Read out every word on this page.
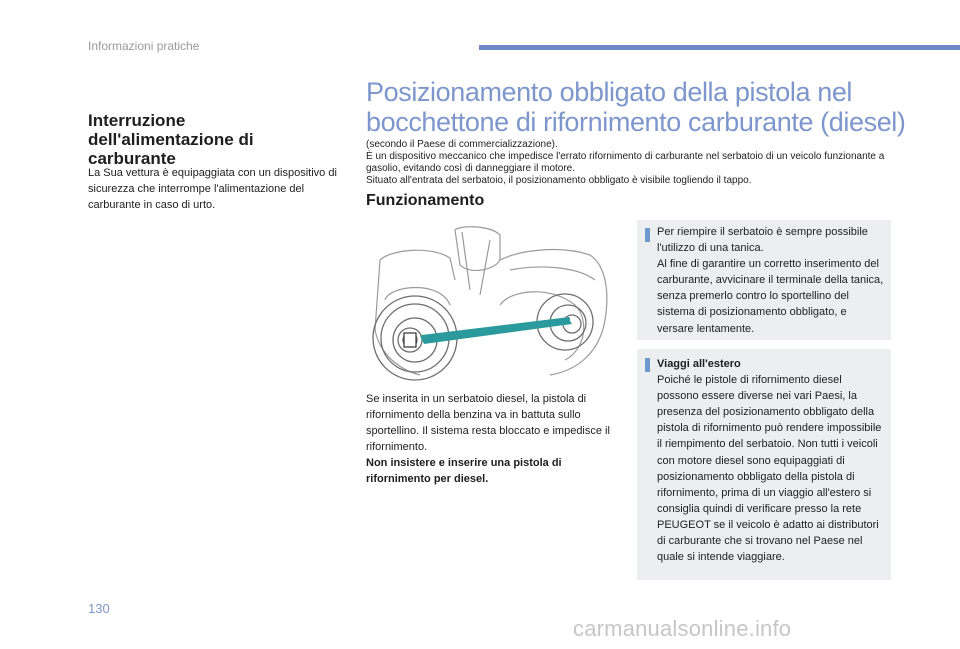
Informazioni pratiche
Interruzione dell'alimentazione di carburante
La Sua vettura è equipaggiata con un dispositivo di sicurezza che interrompe l'alimentazione del carburante in caso di urto.
Posizionamento obbligato della pistola nel bocchettone di rifornimento carburante (diesel)

(secondo il Paese di commercializzazione).

È un dispositivo meccanico che impedisce l'errato rifornimento di carburante nel serbatoio di un veicolo funzionante a gasolio, evitando così di danneggiare il motore.

Situato all'entrata del serbatoio, il posizionamento obbligato è visibile togliendo il tappo.

Funzionamento

Se inserita in un serbatoio diesel, la pistola di rifornimento della benzina va in battuta sullo sportellino. Il sistema resta bloccato e impedisce il rifornimento.

Non insistere e inserire una pistola di rifornimento per diesel.

Per riempire il serbatoio è sempre possibile l'utilizzo di una tanica.

Al fine di garantire un corretto inserimento del carburante, avvicinare il terminale della tanica, senza premerlo contro lo sportellino del sistema di posizionamento obbligato, e versare lentamente.

Viaggi all'estero

Poiché le pistole di rifornimento diesel possono essere diverse nei vari Paesi, la presenza del posizionamento obbligato della pistola di rifornimento può rendere impossibile il riempimento del serbatoio. Non tutti i veicoli con motore diesel sono equipaggiati di posizionamento obbligato della pistola di rifornimento, prima di un viaggio all'estero si consiglia quindi di verificare presso la rete PEUGEOT se il veicolo è adatto ai distributori di carburante che si trovano nel Paese nel quale si intende viaggiare.

130
carmanualsonline.info
